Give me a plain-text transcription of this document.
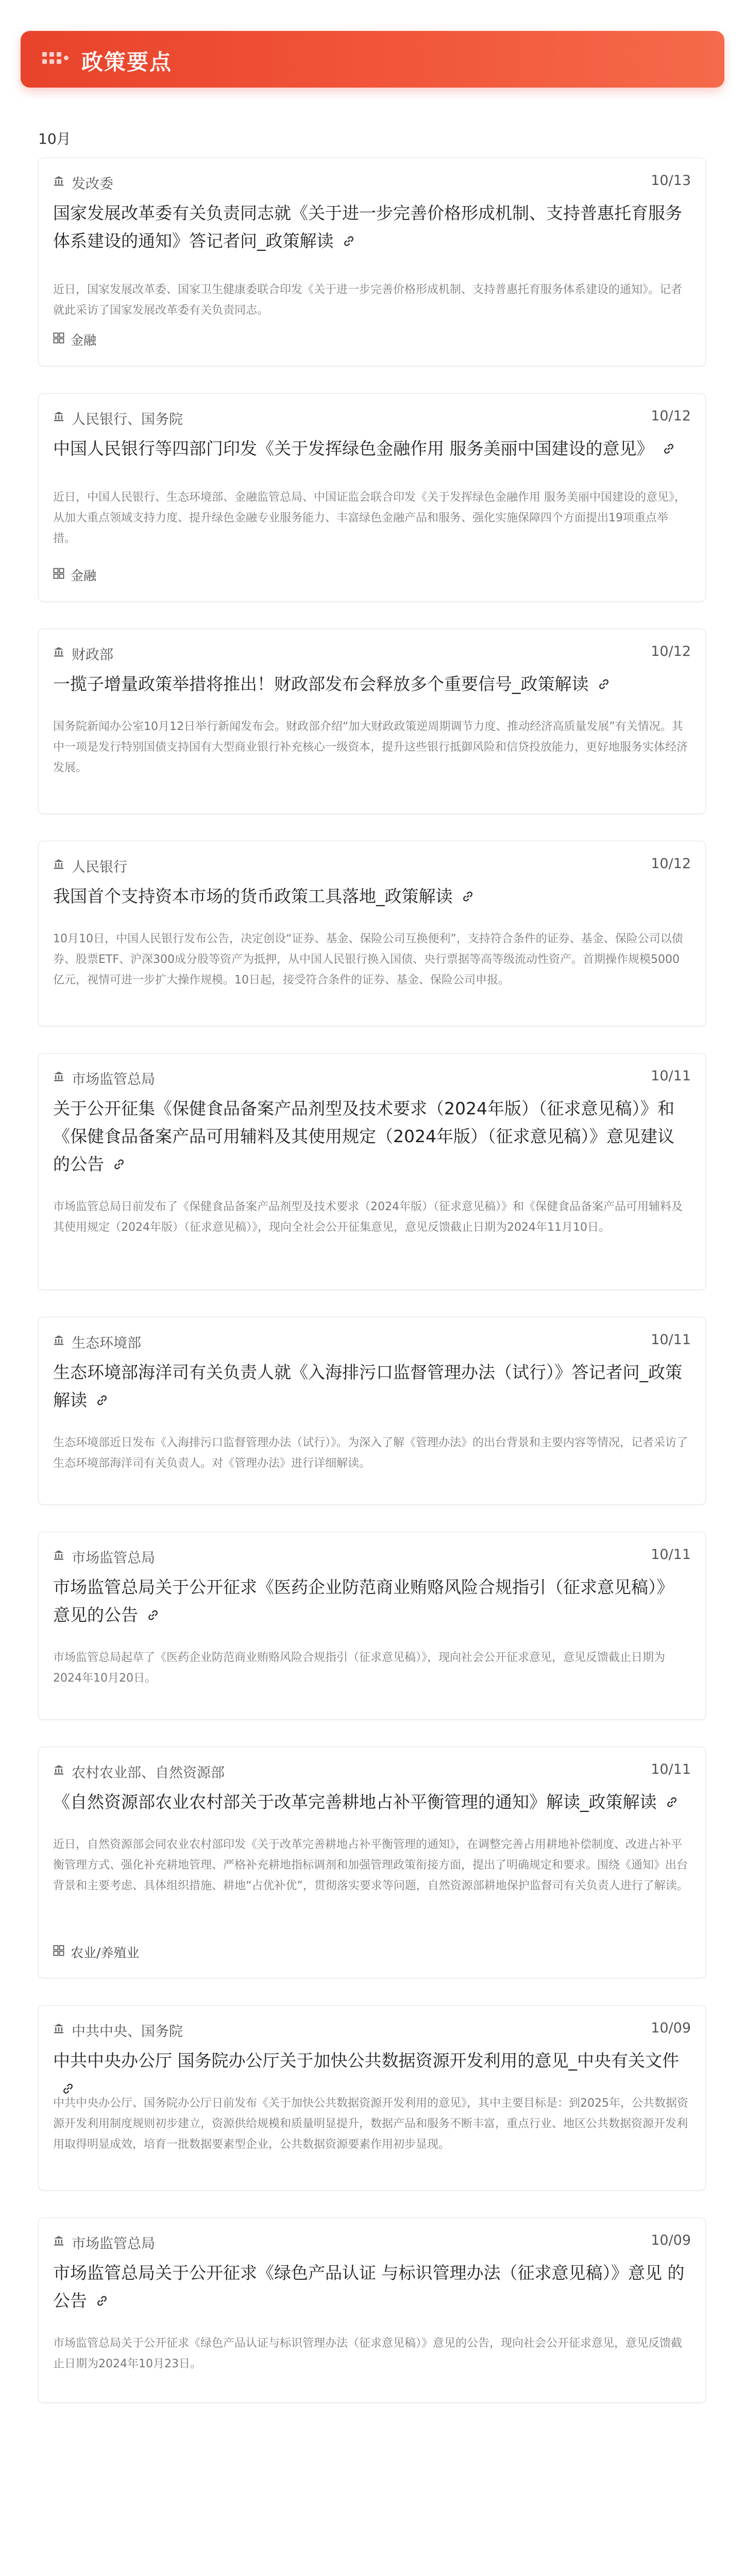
政策要点
10月
发改委	10/13
国家发展改革委有关负责同志就《关于进一步完善价格形成机制、支持普惠托育服务体系建设的通知》答记者问_政策解读
近日，国家发展改革委、国家卫生健康委联合印发《关于进一步完善价格形成机制、支持普惠托育服务体系建设的通知》。记者就此采访了国家发展改革委有关负责同志。
金融
人民银行、国务院	10/12
中国人民银行等四部门印发《关于发挥绿色金融作用 服务美丽中国建设的意见》
近日，中国人民银行、生态环境部、金融监管总局、中国证监会联合印发《关于发挥绿色金融作用 服务美丽中国建设的意见》，从加大重点领域支持力度、提升绿色金融专业服务能力、丰富绿色金融产品和服务、强化实施保障四个方面提出19项重点举措。
金融
财政部	10/12
一揽子增量政策举措将推出！财政部发布会释放多个重要信号_政策解读
国务院新闻办公室10月12日举行新闻发布会。财政部介绍“加大财政政策逆周期调节力度、推动经济高质量发展”有关情况。其中一项是发行特别国债支持国有大型商业银行补充核心一级资本，提升这些银行抵御风险和信贷投放能力，更好地服务实体经济发展。
人民银行	10/12
我国首个支持资本市场的货币政策工具落地_政策解读
10月10日，中国人民银行发布公告，决定创设“证券、基金、保险公司互换便利”，支持符合条件的证券、基金、保险公司以债券、股票ETF、沪深300成分股等资产为抵押，从中国人民银行换入国债、央行票据等高等级流动性资产。首期操作规模5000亿元，视情可进一步扩大操作规模。10日起，接受符合条件的证券、基金、保险公司申报。
市场监管总局	10/11
关于公开征集《保健食品备案产品剂型及技术要求（2024年版）（征求意见稿）》和《保健食品备案产品可用辅料及其使用规定（2024年版）（征求意见稿）》意见建议的公告
市场监管总局日前发布了《保健食品备案产品剂型及技术要求（2024年版）（征求意见稿）》和《保健食品备案产品可用辅料及其使用规定（2024年版）（征求意见稿）》，现向全社会公开征集意见，意见反馈截止日期为2024年11月10日。
生态环境部	10/11
生态环境部海洋司有关负责人就《入海排污口监督管理办法（试行）》答记者问_政策解读
生态环境部近日发布《入海排污口监督管理办法（试行）》。为深入了解《管理办法》的出台背景和主要内容等情况，记者采访了生态环境部海洋司有关负责人。对《管理办法》进行详细解读。
市场监管总局	10/11
市场监管总局关于公开征求《医药企业防范商业贿赂风险合规指引（征求意见稿）》意见的公告
市场监管总局起草了《医药企业防范商业贿赂风险合规指引（征求意见稿）》，现向社会公开征求意见，意见反馈截止日期为2024年10月20日。
农村农业部、自然资源部	10/11
《自然资源部农业农村部关于改革完善耕地占补平衡管理的通知》解读_政策解读
近日，自然资源部会同农业农村部印发《关于改革完善耕地占补平衡管理的通知》，在调整完善占用耕地补偿制度、改进占补平衡管理方式、强化补充耕地管理、严格补充耕地指标调剂和加强管理政策衔接方面，提出了明确规定和要求。围绕《通知》出台背景和主要考虑、具体组织措施、耕地“占优补优”，贯彻落实要求等问题，自然资源部耕地保护监督司有关负责人进行了解读。
农业/养殖业
中共中央、国务院	10/09
中共中央办公厅 国务院办公厅关于加快公共数据资源开发利用的意见_中央有关文件
中共中央办公厅、国务院办公厅日前发布《关于加快公共数据资源开发利用的意见》，其中主要目标是：到2025年，公共数据资源开发利用制度规则初步建立，资源供给规模和质量明显提升，数据产品和服务不断丰富，重点行业、地区公共数据资源开发利用取得明显成效，培育一批数据要素型企业，公共数据资源要素作用初步显现。
市场监管总局	10/09
市场监管总局关于公开征求《绿色产品认证 与标识管理办法（征求意见稿）》意见 的公告
市场监管总局关于公开征求《绿色产品认证与标识管理办法（征求意见稿）》意见的公告，现向社会公开征求意见，意见反馈截止日期为2024年10月23日。
